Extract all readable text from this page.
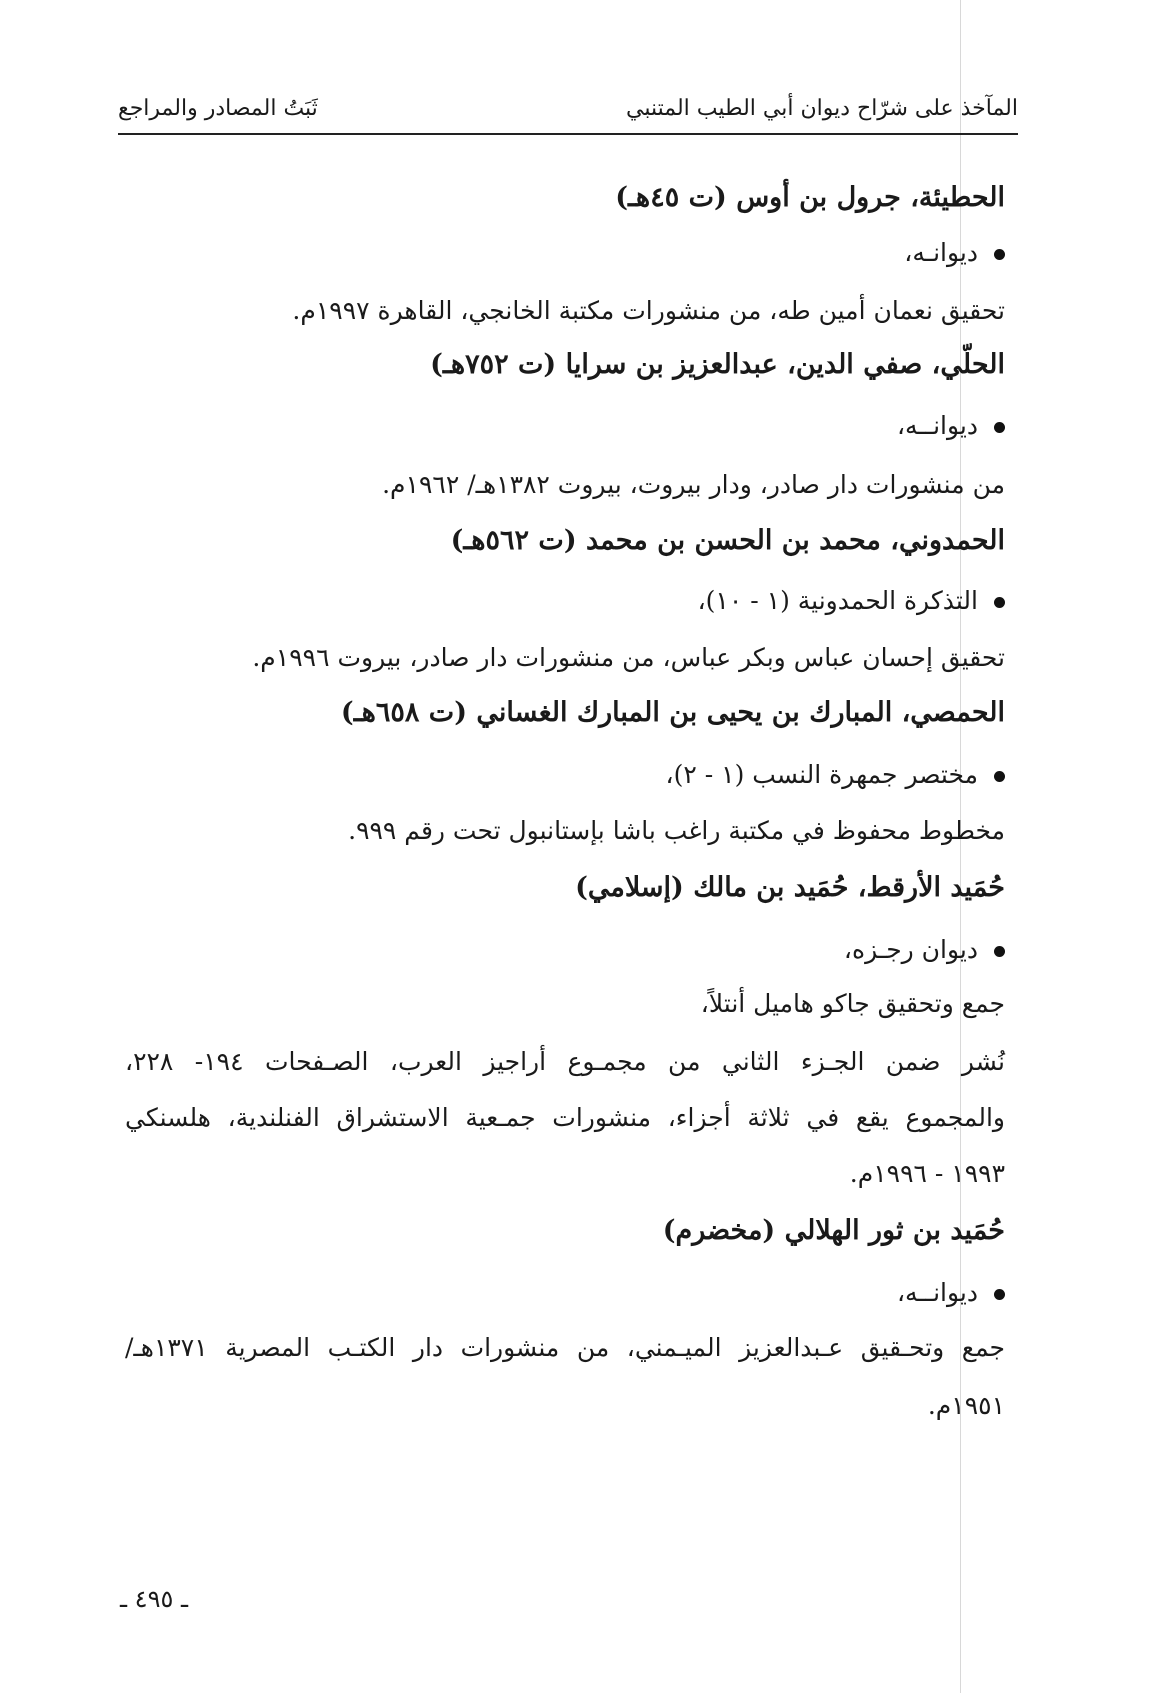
المآخذ على شرّاح ديوان أبي الطيب المتنبي
ثَبَتُ المصادر والمراجع
الحطيئة، جرول بن أوس (ت ٤٥هـ)
ديوانـه،
تحقيق نعمان أمين طه، من منشورات مكتبة الخانجي، القاهرة ١٩٩٧م.
الحلّي، صفي الدين، عبدالعزيز بن سرايا (ت ٧٥٢هـ)
ديوانــه،
من منشورات دار صادر، ودار بيروت، بيروت ١٣٨٢هـ/ ١٩٦٢م.
الحمدوني، محمد بن الحسن بن محمد (ت ٥٦٢هـ)
التذكرة الحمدونية (١ - ١٠)،
تحقيق إحسان عباس وبكر عباس، من منشورات دار صادر، بيروت ١٩٩٦م.
الحمصي، المبارك بن يحيى بن المبارك الغساني (ت ٦٥٨هـ)
مختصر جمهرة النسب (١ - ٢)،
مخطوط محفوظ في مكتبة راغب باشا بإستانبول تحت رقم ٩٩٩.
حُمَيد الأرقط، حُمَيد بن مالك (إسلامي)
ديوان رجـزه،
جمع وتحقيق جاكو هاميل أنتلاً،
نُشر ضمن الجـزء الثاني من مجمـوع أراجيز العرب، الصـفحات ١٩٤- ٢٢٨،
والمجموع يقع في ثلاثة أجزاء، منشورات جمـعية الاستشراق الفنلندية، هلسنكي
١٩٩٣ - ١٩٩٦م.
حُمَيد بن ثور الهلالي (مخضرم)
ديوانــه،
جمع وتحـقيق عـبدالعزيز الميـمني، من منشورات دار الكتـب المصرية ١٣٧١هـ/
١٩٥١م.
ـ ٤٩٥ ـ
